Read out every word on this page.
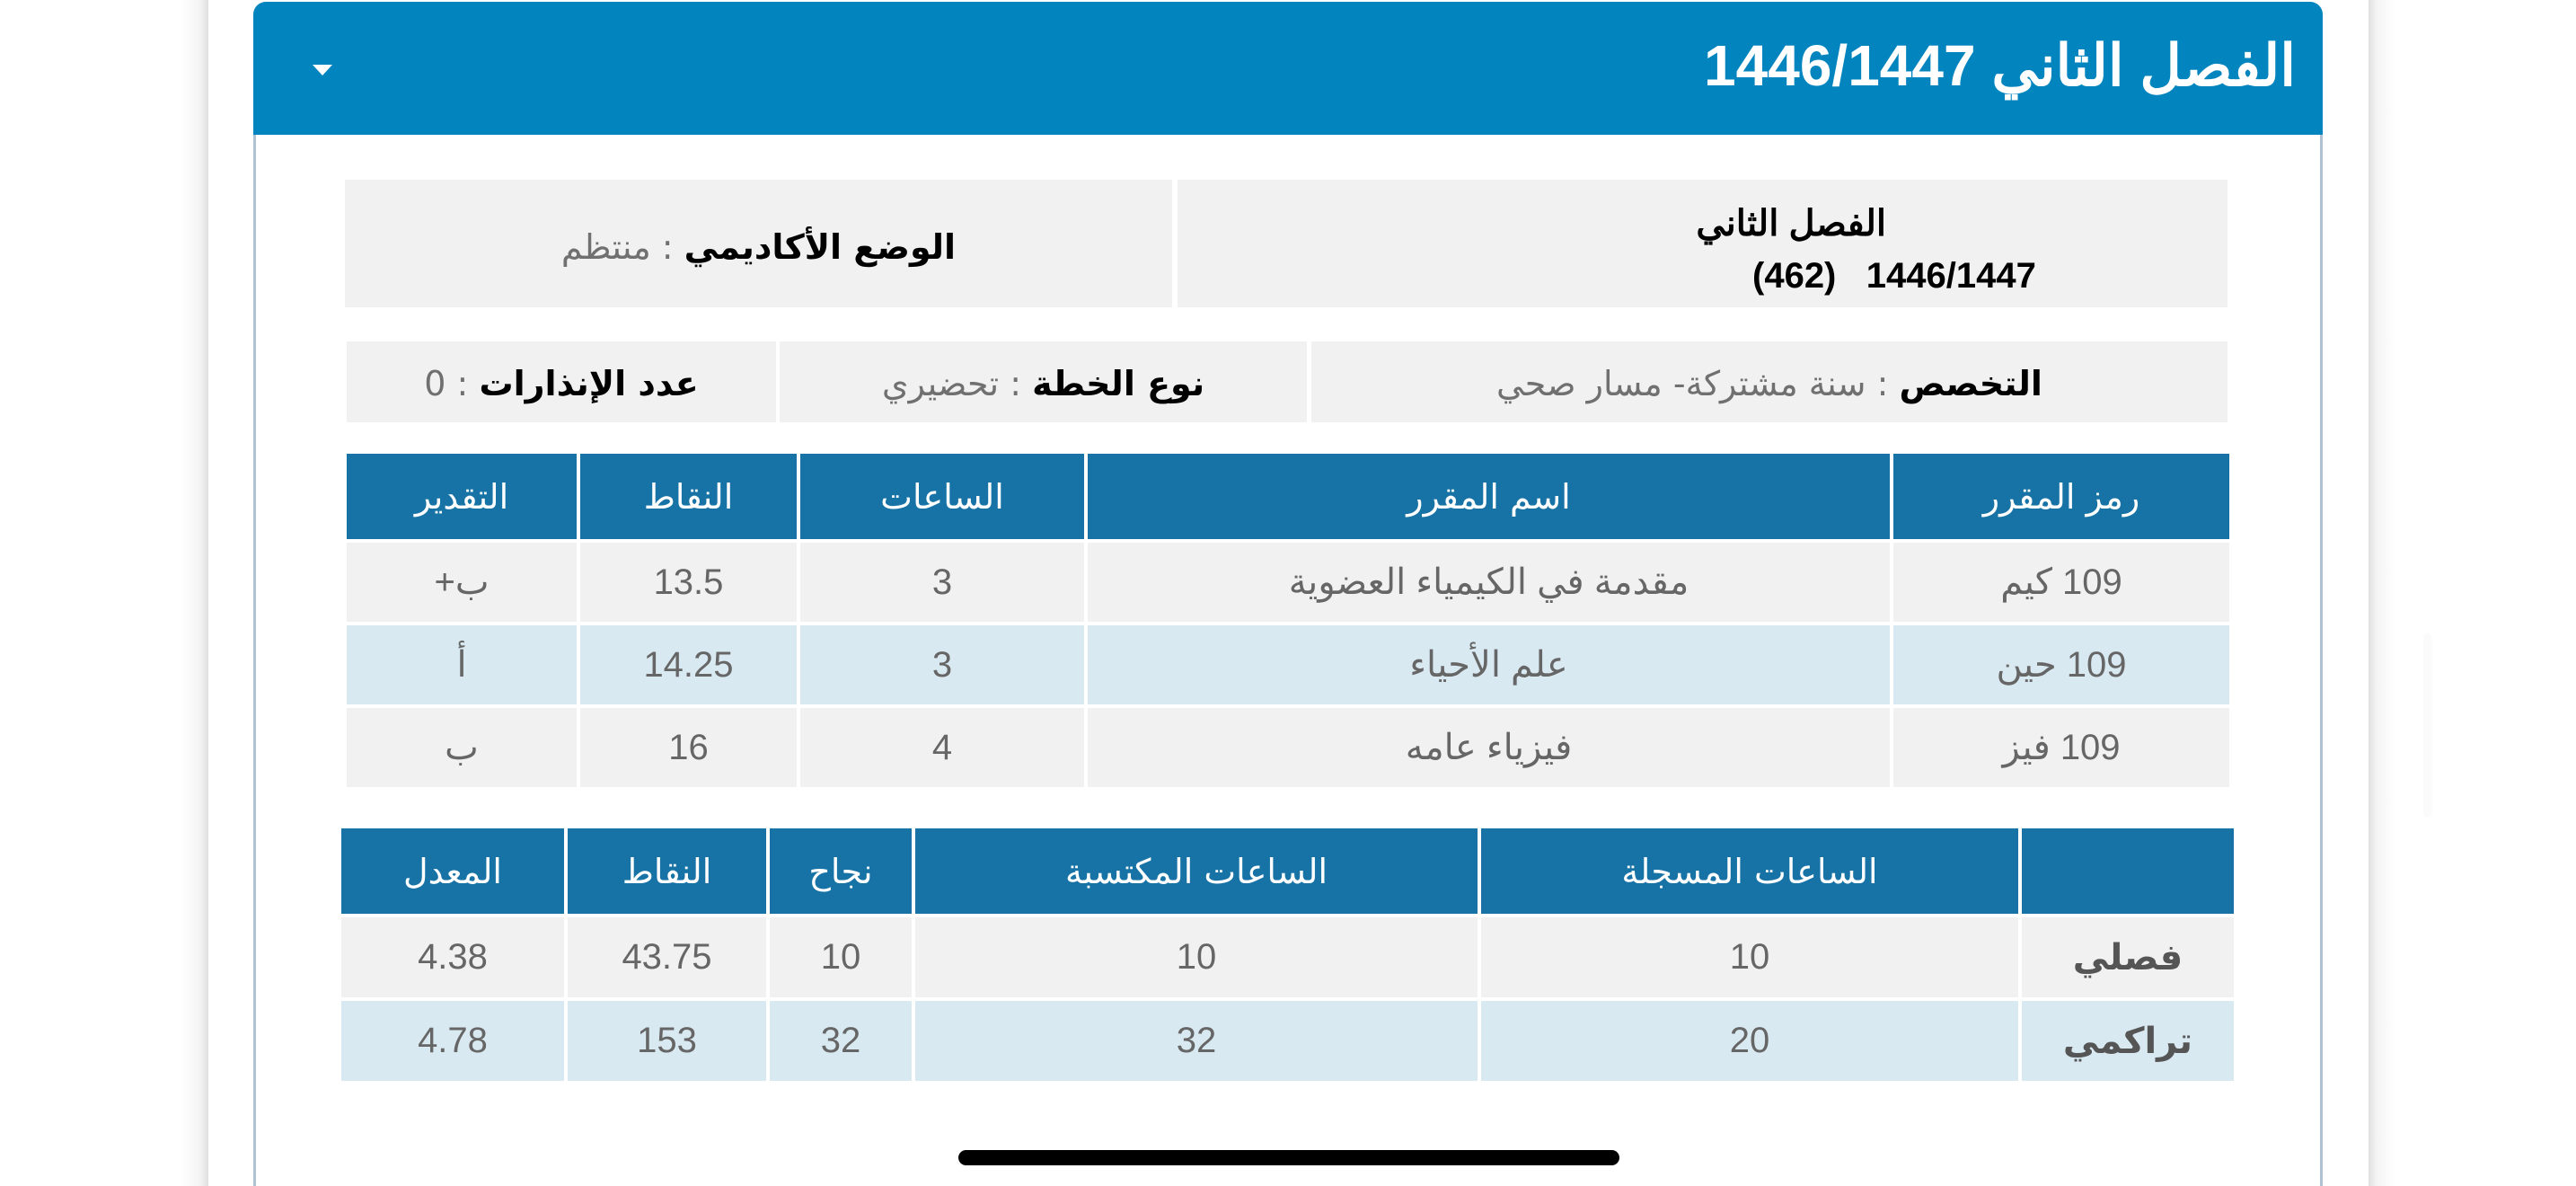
الفصل الثاني 1446/1447
الفصل الثاني
(462) 1446/1447
الوضع الأكاديمي
:
منتظم
التخصص
:
سنة مشتركة- مسار صحي
نوع الخطة
:
تحضيري
عدد الإنذارات
:
0
رمز المقرر	اسم المقرر	الساعات	النقاط	التقدير
109 كيم	مقدمة في الكيمياء العضوية	3	13.5	ب+
109 حين	علم الأحياء	3	14.25	أ
109 فيز	فيزياء عامه	4	16	ب
	الساعات المسجلة	الساعات المكتسبة	نجاح	النقاط	المعدل
فصلي	10	10	10	43.75	4.38
تراكمي	20	32	32	153	4.78
